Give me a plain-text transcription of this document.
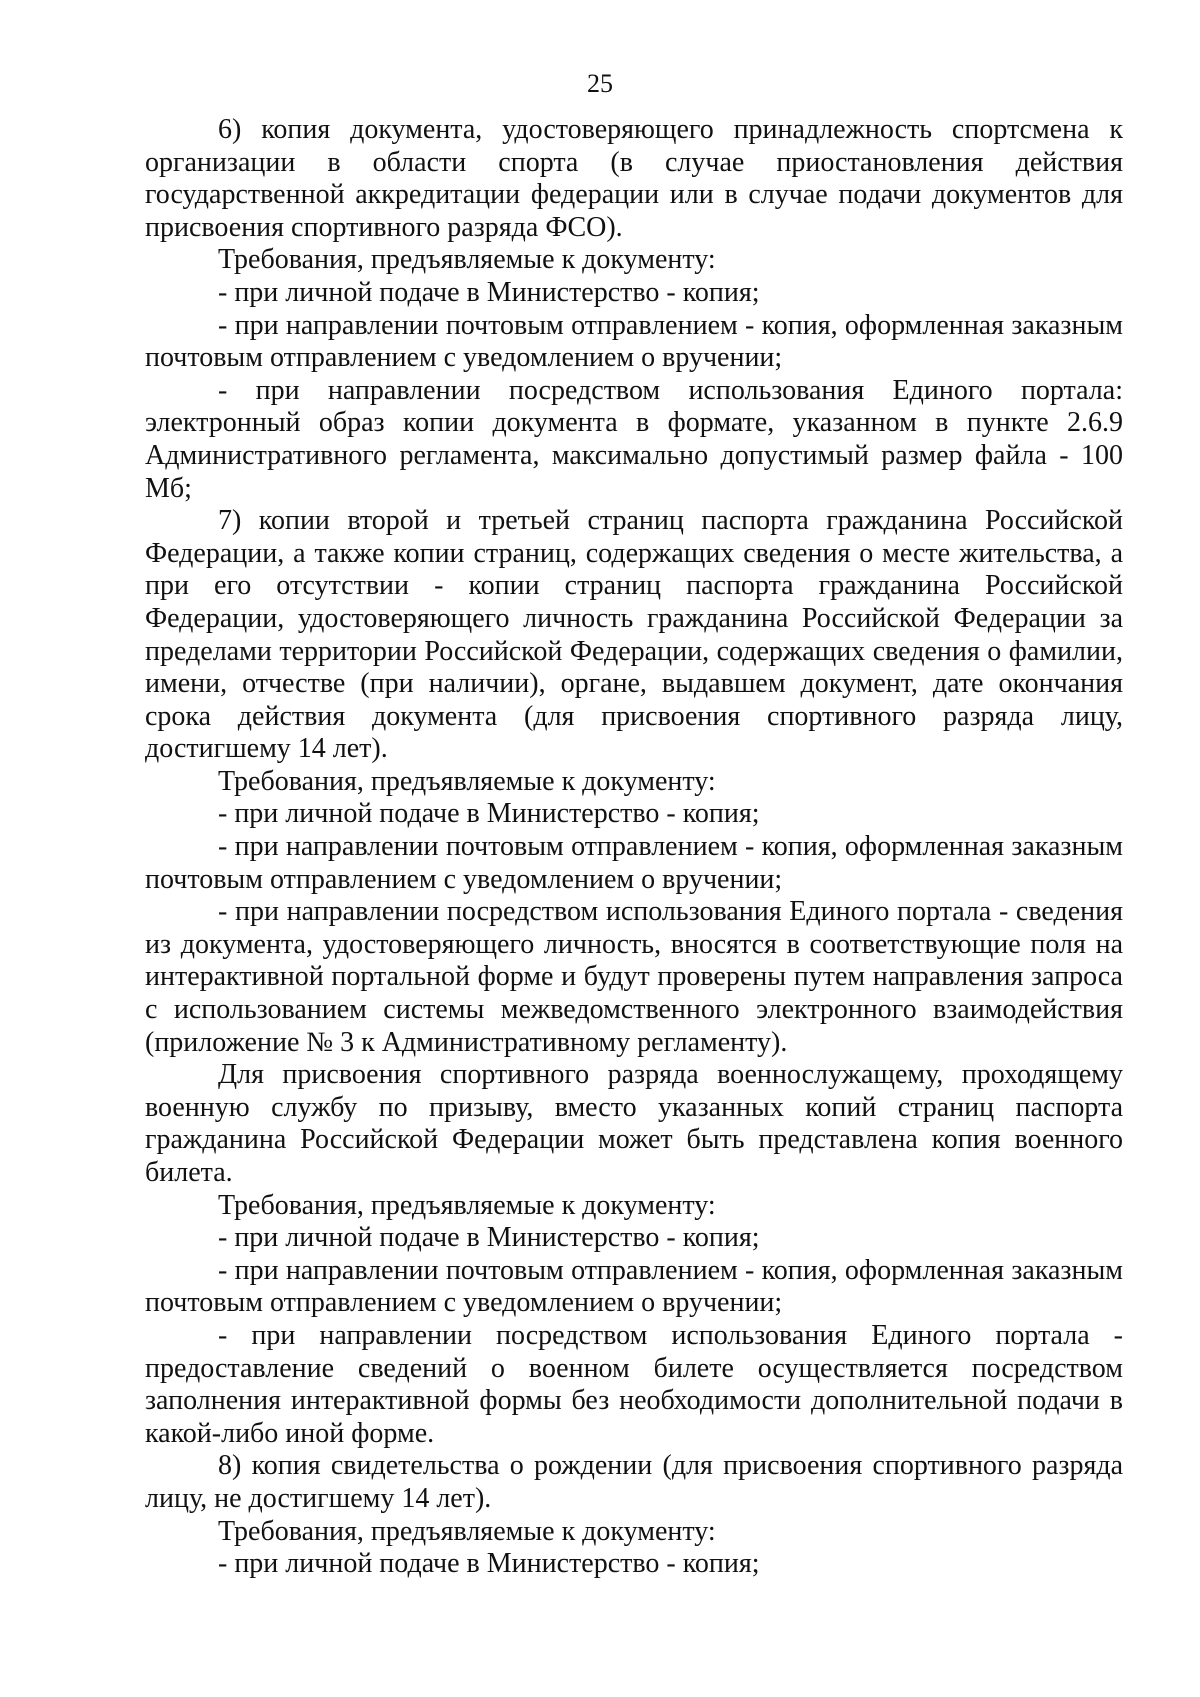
25

6) копия документа, удостоверяющего принадлежность спортсмена к организации в области спорта (в случае приостановления действия государственной аккредитации федерации или в случае подачи документов для присвоения спортивного разряда ФСО).

Требования, предъявляемые к документу:

- при личной подаче в Министерство - копия;

- при направлении почтовым отправлением - копия, оформленная заказным почтовым отправлением с уведомлением о вручении;

- при направлении посредством использования Единого портала: электронный образ копии документа в формате, указанном в пункте 2.6.9 Административного регламента, максимально допустимый размер файла - 100 Мб;

7) копии второй и третьей страниц паспорта гражданина Российской Федерации, а также копии страниц, содержащих сведения о месте жительства, а при его отсутствии - копии страниц паспорта гражданина Российской Федерации, удостоверяющего личность гражданина Российской Федерации за пределами территории Российской Федерации, содержащих сведения о фамилии, имени, отчестве (при наличии), органе, выдавшем документ, дате окончания срока действия документа (для присвоения спортивного разряда лицу, достигшему 14 лет).

Требования, предъявляемые к документу:

- при личной подаче в Министерство - копия;

- при направлении почтовым отправлением - копия, оформленная заказным почтовым отправлением с уведомлением о вручении;

- при направлении посредством использования Единого портала - сведения из документа, удостоверяющего личность, вносятся в соответствующие поля на интерактивной портальной форме и будут проверены путем направления запроса с использованием системы межведомственного электронного взаимодействия (приложение № 3 к Административному регламенту).

Для присвоения спортивного разряда военнослужащему, проходящему военную службу по призыву, вместо указанных копий страниц паспорта гражданина Российской Федерации может быть представлена копия военного билета.

Требования, предъявляемые к документу:

- при личной подаче в Министерство - копия;

- при направлении почтовым отправлением - копия, оформленная заказным почтовым отправлением с уведомлением о вручении;

- при направлении посредством использования Единого портала - предоставление сведений о военном билете осуществляется посредством заполнения интерактивной формы без необходимости дополнительной подачи в какой-либо иной форме.

8) копия свидетельства о рождении (для присвоения спортивного разряда лицу, не достигшему 14 лет).

Требования, предъявляемые к документу:

- при личной подаче в Министерство - копия;
